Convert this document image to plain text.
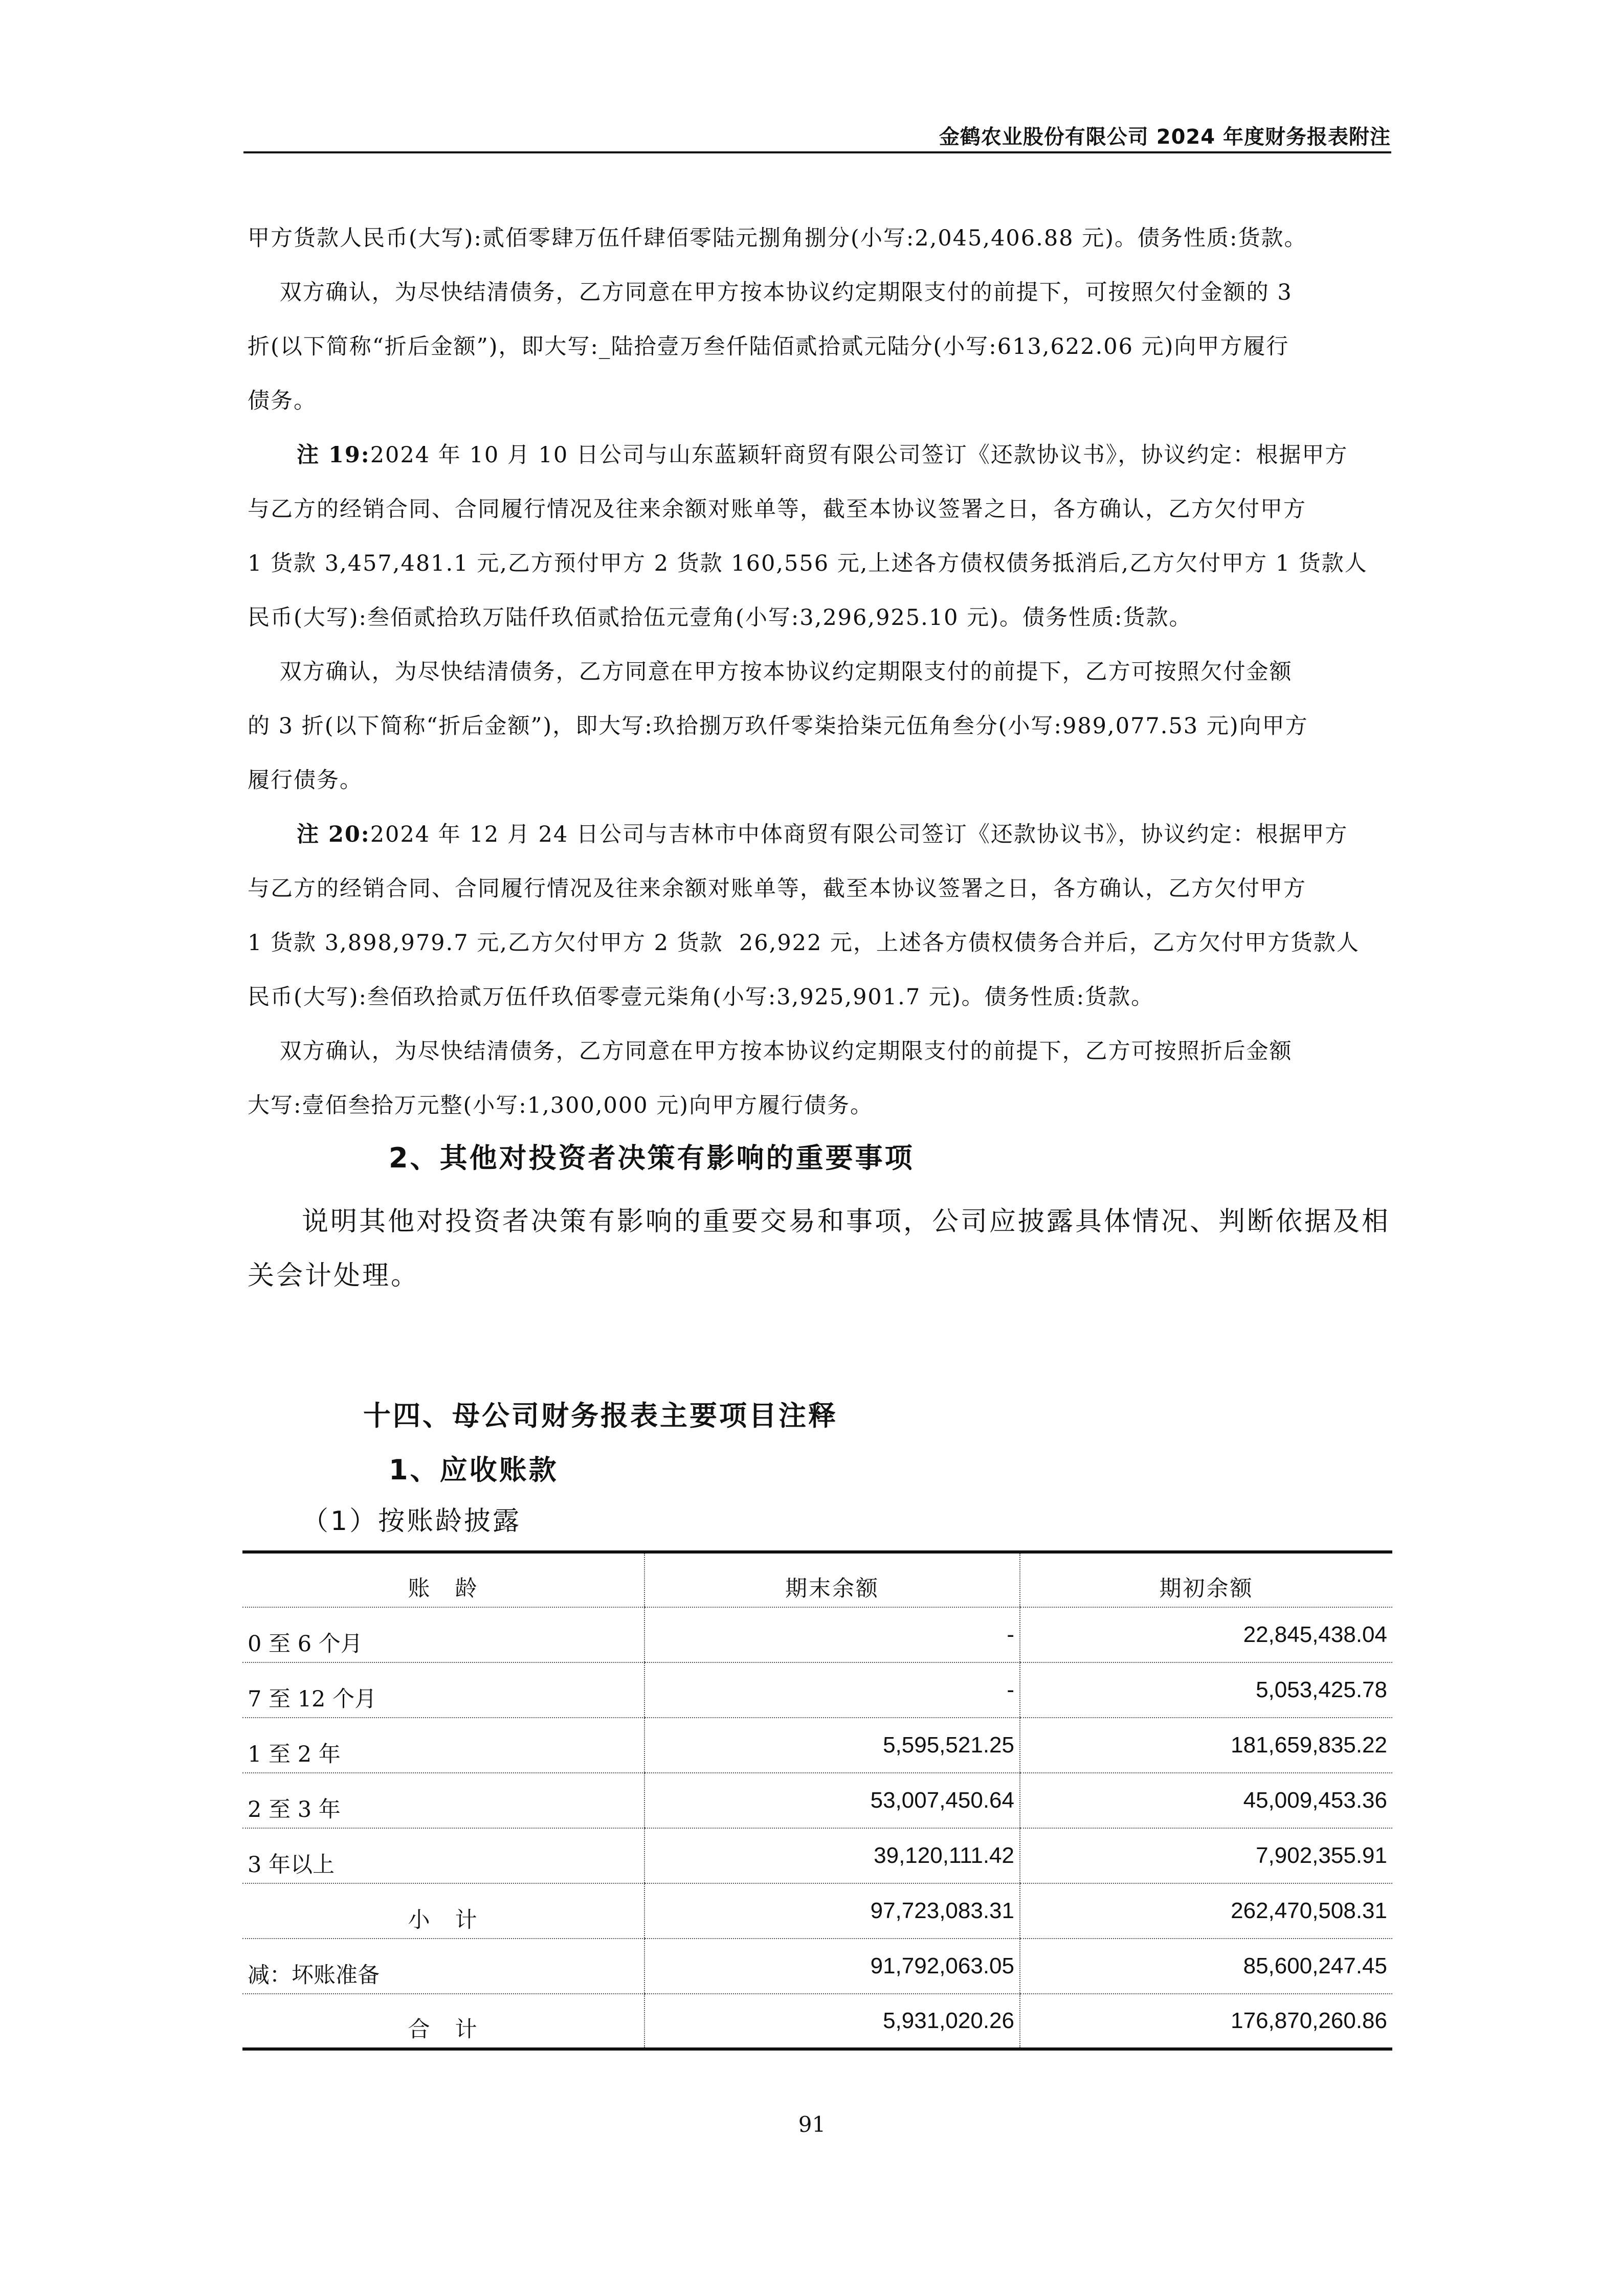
金鹤农业股份有限公司 2024 年度财务报表附注
甲方货款人民币(大写):贰佰零肆万伍仟肆佰零陆元捌角捌分(小写:2,045,406.88 元)。债务性质:货款。
双方确认，为尽快结清债务，乙方同意在甲方按本协议约定期限支付的前提下，可按照欠付金额的 3
折(以下简称“折后金额”)，即大写:_陆拾壹万叁仟陆佰贰拾贰元陆分(小写:613,622.06 元)向甲方履行
债务。
注 19:2024 年 10 月 10 日公司与山东蓝颖轩商贸有限公司签订《还款协议书》，协议约定：根据甲方
与乙方的经销合同、合同履行情况及往来余额对账单等，截至本协议签署之日，各方确认，乙方欠付甲方
1 货款 3,457,481.1 元,乙方预付甲方 2 货款 160,556 元,上述各方债权债务抵消后,乙方欠付甲方 1 货款人
民币(大写):叁佰贰拾玖万陆仟玖佰贰拾伍元壹角(小写:3,296,925.10 元)。债务性质:货款。
双方确认，为尽快结清债务，乙方同意在甲方按本协议约定期限支付的前提下，乙方可按照欠付金额
的 3 折(以下简称“折后金额”)，即大写:玖拾捌万玖仟零柒拾柒元伍角叁分(小写:989,077.53 元)向甲方
履行债务。
注 20:2024 年 12 月 24 日公司与吉林市中体商贸有限公司签订《还款协议书》，协议约定：根据甲方
与乙方的经销合同、合同履行情况及往来余额对账单等，截至本协议签署之日，各方确认，乙方欠付甲方
1 货款 3,898,979.7 元,乙方欠付甲方 2 货款  26,922 元，上述各方债权债务合并后，乙方欠付甲方货款人
民币(大写):叁佰玖拾贰万伍仟玖佰零壹元柒角(小写:3,925,901.7 元)。债务性质:货款。
双方确认，为尽快结清债务，乙方同意在甲方按本协议约定期限支付的前提下，乙方可按照折后金额
大写:壹佰叁拾万元整(小写:1,300,000 元)向甲方履行债务。
2、其他对投资者决策有影响的重要事项
说明其他对投资者决策有影响的重要交易和事项，公司应披露具体情况、判断依据及相
关会计处理。
十四、母公司财务报表主要项目注释
1、应收账款
（1）按账龄披露
账　龄	期末余额	期初余额
0 至 6 个月	-	22,845,438.04
7 至 12 个月	-	5,053,425.78
1 至 2 年	5,595,521.25	181,659,835.22
2 至 3 年	53,007,450.64	45,009,453.36
3 年以上	39,120,111.42	7,902,355.91
小　计	97,723,083.31	262,470,508.31
减：坏账准备	91,792,063.05	85,600,247.45
合　计	5,931,020.26	176,870,260.86
91
